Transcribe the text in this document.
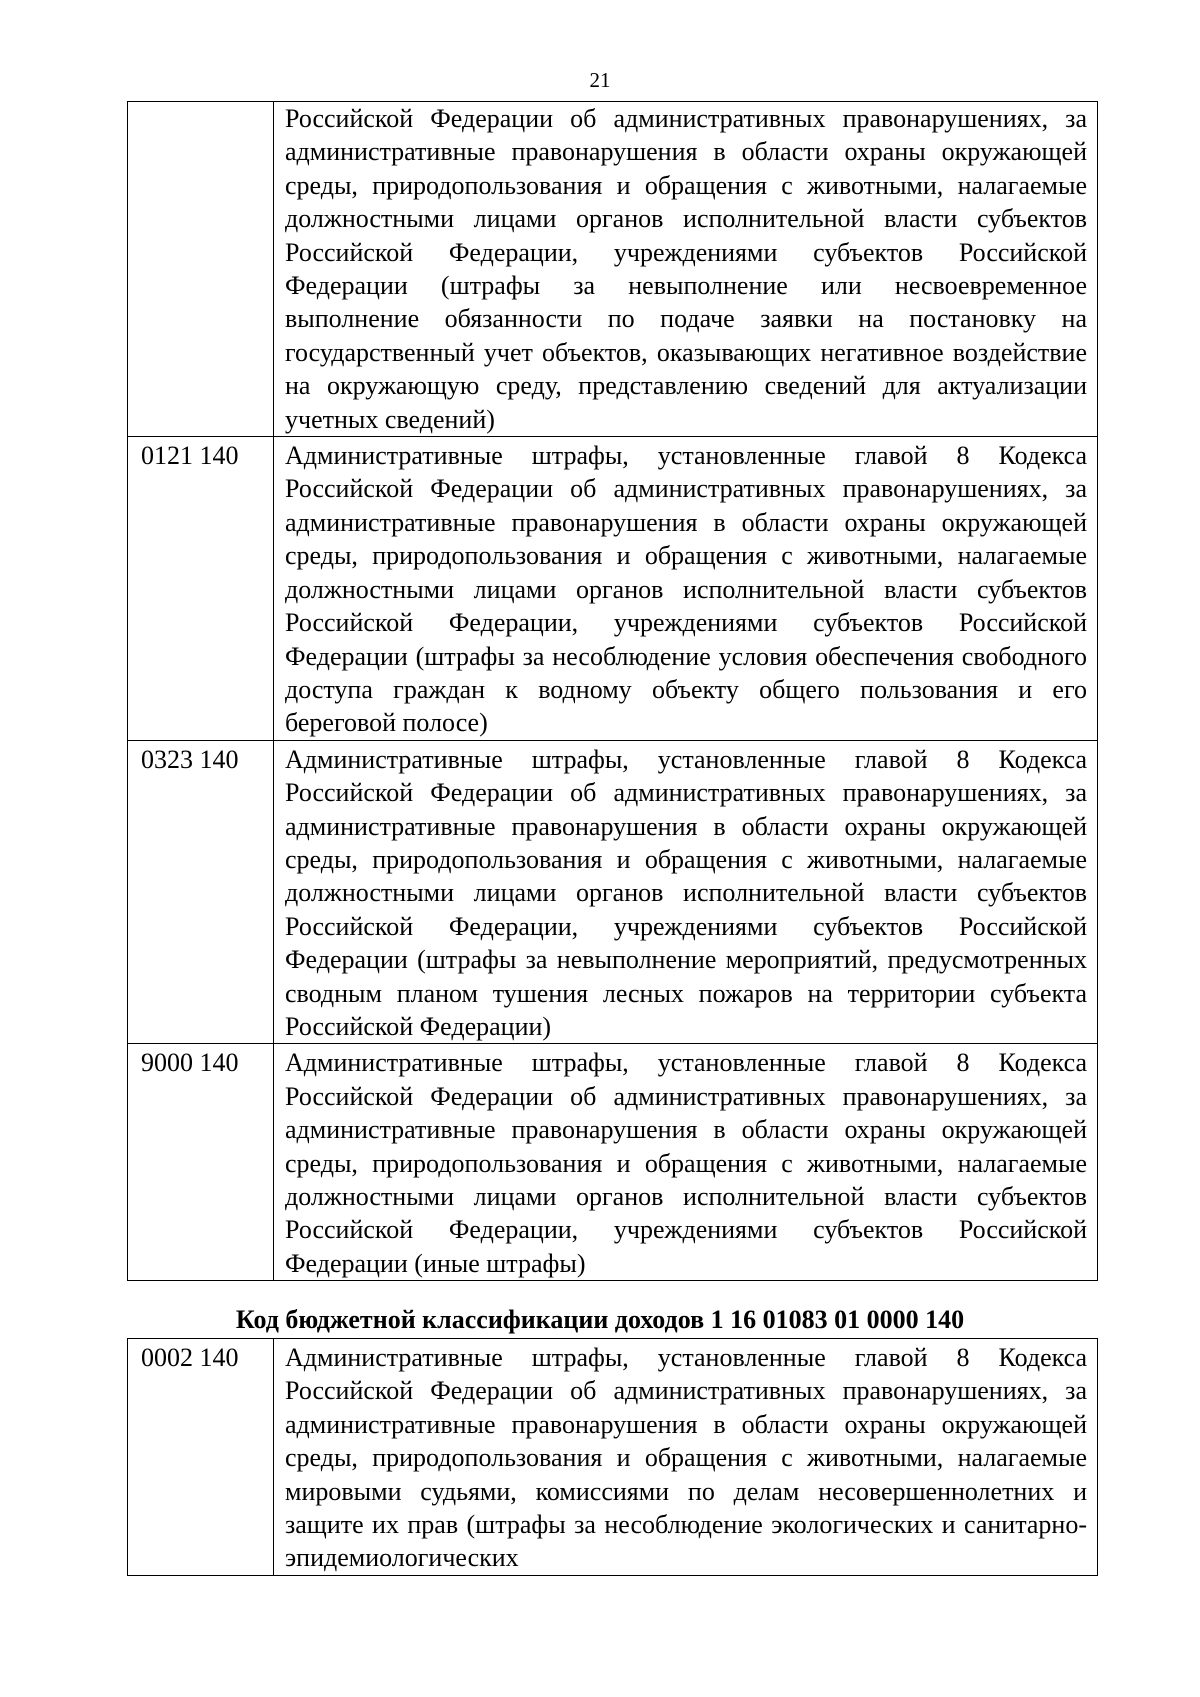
21
	Российской Федерации об административных правонарушениях, за административные правонарушения в области охраны окружающей среды, природопользования и обращения с животными, налагаемые должностными лицами органов исполнительной власти субъектов Российской Федерации, учреждениями субъектов Российской Федерации (штрафы за невыполнение или несвоевременное выполнение обязанности по подаче заявки на постановку на государственный учет объектов, оказывающих негативное воздействие на окружающую среду, представлению сведений для актуализации учетных сведений)
0121 140	Административные штрафы, установленные главой 8 Кодекса Российской Федерации об административных правонарушениях, за административные правонарушения в области охраны окружающей среды, природопользования и обращения с животными, налагаемые должностными лицами органов исполнительной власти субъектов Российской Федерации, учреждениями субъектов Российской Федерации (штрафы за несоблюдение условия обеспечения свободного доступа граждан к водному объекту общего пользования и его береговой полосе)
0323 140	Административные штрафы, установленные главой 8 Кодекса Российской Федерации об административных правонарушениях, за административные правонарушения в области охраны окружающей среды, природопользования и обращения с животными, налагаемые должностными лицами органов исполнительной власти субъектов Российской Федерации, учреждениями субъектов Российской Федерации (штрафы за невыполнение мероприятий, предусмотренных сводным планом тушения лесных пожаров на территории субъекта Российской Федерации)
9000 140	Административные штрафы, установленные главой 8 Кодекса Российской Федерации об административных правонарушениях, за административные правонарушения в области охраны окружающей среды, природопользования и обращения с животными, налагаемые должностными лицами органов исполнительной власти субъектов Российской Федерации, учреждениями субъектов Российской Федерации (иные штрафы)
Код бюджетной классификации доходов 1 16 01083 01 0000 140
0002 140	Административные штрафы, установленные главой 8 Кодекса Российской Федерации об административных правонарушениях, за административные правонарушения в области охраны окружающей среды, природопользования и обращения с животными, налагаемые мировыми судьями, комиссиями по делам несовершеннолетних и защите их прав (штрафы за несоблюдение экологических и санитарно-эпидемиологических
